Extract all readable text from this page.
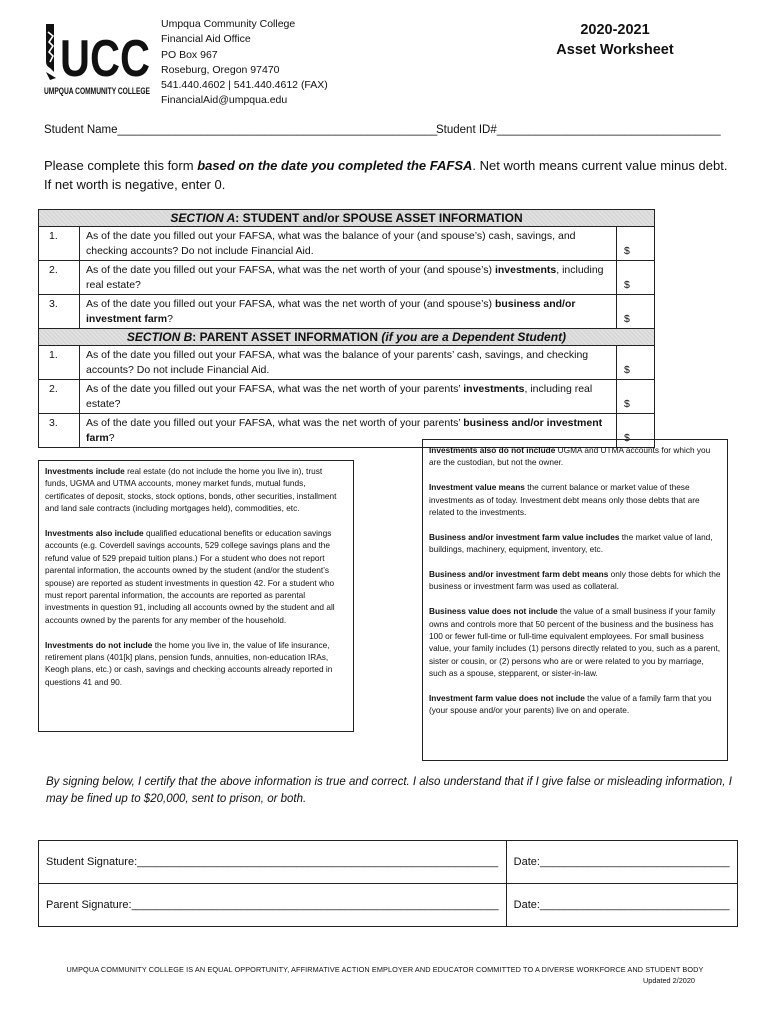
UCC
UMPQUA COMMUNITY COLLEGE
Umpqua Community College
Financial Aid Office
PO Box 967
Roseburg, Oregon 97470
541.440.4602 | 541.440.4612 (FAX)
FinancialAid@umpqua.edu
2020-2021
Asset Worksheet
Student Name__________________________________________________
Student ID#___________________________________
Please complete this form based on the date you completed the FAFSA. Net worth means current value minus debt. If net worth is negative, enter 0.
SECTION A: STUDENT and/or SPOUSE ASSET INFORMATION		
1.	As of the date you filled out your FAFSA, what was the balance of your (and spouse’s) cash, savings, and checking accounts? Do not include Financial Aid.	$
2.	As of the date you filled out your FAFSA, what was the net worth of your (and spouse’s) investments, including real estate?	$
3.	As of the date you filled out your FAFSA, what was the net worth of your (and spouse’s) business and/or investment farm?	$
SECTION B: PARENT ASSET INFORMATION (if you are a Dependent Student)		
1.	As of the date you filled out your FAFSA, what was the balance of your parents’ cash, savings, and checking accounts? Do not include Financial Aid.	$
2.	As of the date you filled out your FAFSA, what was the net worth of your parents’ investments, including real estate?	$
3.	As of the date you filled out your FAFSA, what was the net worth of your parents’ business and/or investment farm?	$

Investments include real estate (do not include the home you live in), trust funds, UGMA and UTMA accounts, money market funds, mutual funds, certificates of deposit, stocks, stock options, bonds, other securities, installment and land sale contracts (including mortgages held), commodities, etc.

Investments also include qualified educational benefits or education savings accounts (e.g. Coverdell savings accounts, 529 college savings plans and the refund value of 529 prepaid tuition plans.) For a student who does not report parental information, the accounts owned by the student (and/or the student’s spouse) are reported as student investments in question 42. For a student who must report parental information, the accounts are reported as parental investments in question 91, including all accounts owned by the student and all accounts owned by the parents for any member of the household.

Investments do not include the home you live in, the value of life insurance, retirement plans (401[k] plans, pension funds, annuities, non-education IRAs, Keogh plans, etc.) or cash, savings and checking accounts already reported in questions 41 and 90.

Investments also do not include UGMA and UTMA accounts for which you are the custodian, but not the owner.

Investment value means the current balance or market value of these investments as of today. Investment debt means only those debts that are related to the investments.

Business and/or investment farm value includes the market value of land, buildings, machinery, equipment, inventory, etc.

Business and/or investment farm debt means only those debts for which the business or investment farm was used as collateral.

Business value does not include the value of a small business if your family owns and controls more that 50 percent of the business and the business has 100 or fewer full-time or full-time equivalent employees. For small business value, your family includes (1) persons directly related to you, such as a parent, sister or cousin, or (2) persons who are or were related to you by marriage, such as a spouse, stepparent, or sister-in-law.

Investment farm value does not include the value of a family farm that you (your spouse and/or your parents) live on and operate.

By signing below, I certify that the above information is true and correct. I also understand that if I give false or misleading information, I may be fined up to $20,000, sent to prison, or both.
Student Signature:___________________________________________________________	Date:_______________________________
Parent Signature:____________________________________________________________	Date:_______________________________
UMPQUA COMMUNITY COLLEGE IS AN EQUAL OPPORTUNITY, AFFIRMATIVE ACTION EMPLOYER AND EDUCATOR COMMITTED TO A DIVERSE WORKFORCE AND STUDENT BODY
Updated 2/2020
